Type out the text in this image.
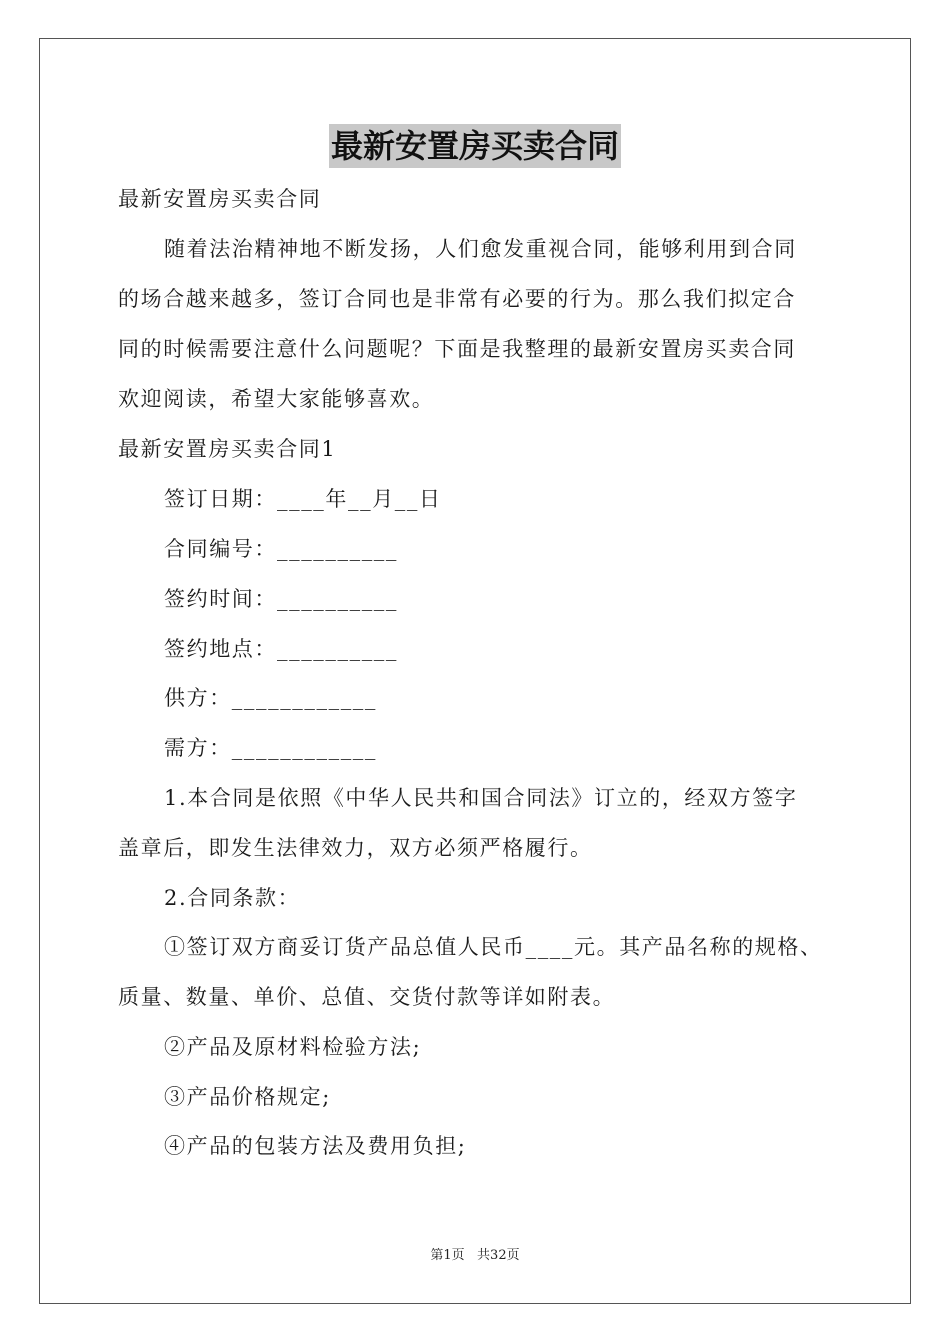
最新安置房买卖合同
最新安置房买卖合同
随着法治精神地不断发扬，人们愈发重视合同，能够利用到合同
的场合越来越多，签订合同也是非常有必要的行为。那么我们拟定合
同的时候需要注意什么问题呢？下面是我整理的最新安置房买卖合同
欢迎阅读，希望大家能够喜欢。
最新安置房买卖合同1
签订日期：____年__月__日
合同编号：__________
签约时间：__________
签约地点：__________
供方：____________
需方：____________
1.本合同是依照《中华人民共和国合同法》订立的，经双方签字
盖章后，即发生法律效力，双方必须严格履行。
2.合同条款：
①签订双方商妥订货产品总值人民币____元。其产品名称的规格、
质量、数量、单价、总值、交货付款等详如附表。
②产品及原材料检验方法;
③产品价格规定;
④产品的包装方法及费用负担;
第1页   共32页
